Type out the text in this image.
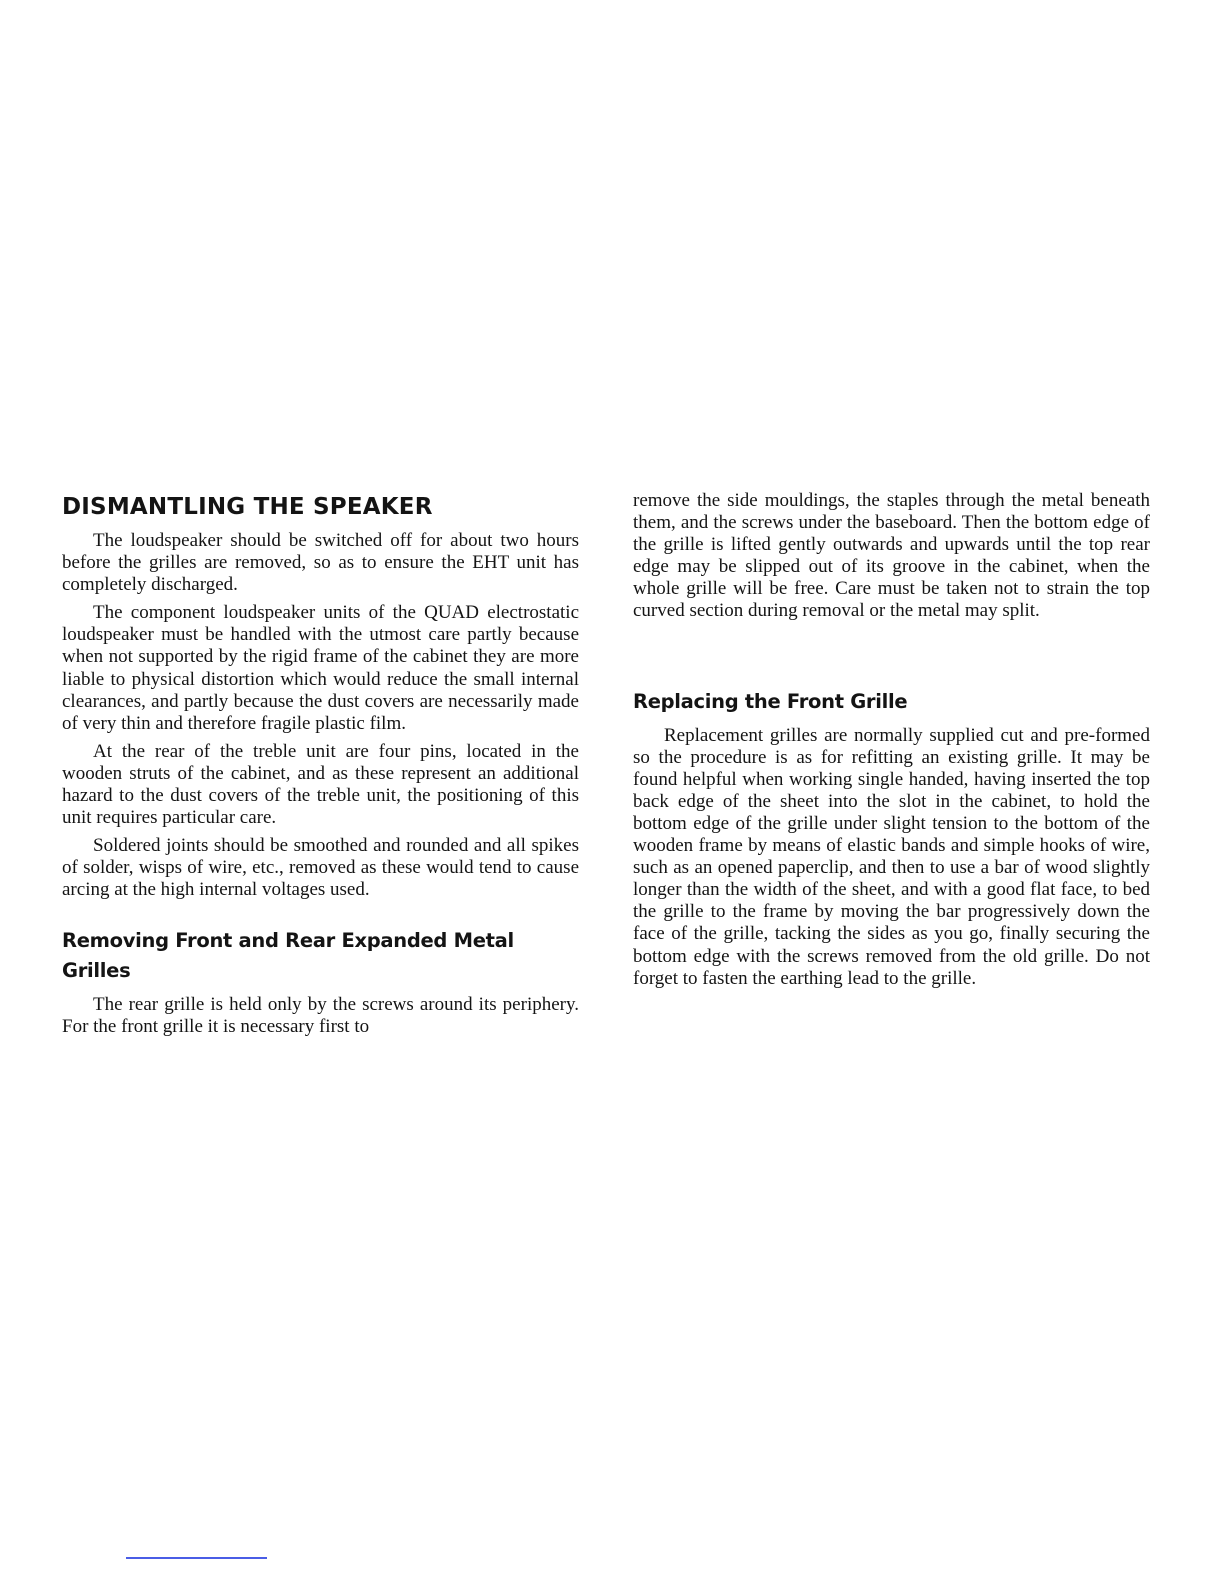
DISMANTLING THE SPEAKER

The loudspeaker should be switched off for about two hours before the grilles are removed, so as to ensure the EHT unit has completely discharged.

The component loudspeaker units of the QUAD electrostatic loudspeaker must be handled with the utmost care partly because when not supported by the rigid frame of the cabinet they are more liable to physical distortion which would reduce the small internal clearances, and partly because the dust covers are necessarily made of very thin and therefore fragile plastic film.

At the rear of the treble unit are four pins, located in the wooden struts of the cabinet, and as these represent an additional hazard to the dust covers of the treble unit, the positioning of this unit requires particular care.

Soldered joints should be smoothed and rounded and all spikes of solder, wisps of wire, etc., removed as these would tend to cause arcing at the high internal voltages used.

Removing Front and Rear Expanded Metal Grilles

The rear grille is held only by the screws around its periphery. For the front grille it is necessary first to

remove the side mouldings, the staples through the metal beneath them, and the screws under the baseboard. Then the bottom edge of the grille is lifted gently outwards and upwards until the top rear edge may be slipped out of its groove in the cabinet, when the whole grille will be free. Care must be taken not to strain the top curved section during removal or the metal may split.

Replacing the Front Grille

Replacement grilles are normally supplied cut and pre-formed so the procedure is as for refitting an existing grille. It may be found helpful when working single handed, having inserted the top back edge of the sheet into the slot in the cabinet, to hold the bottom edge of the grille under slight tension to the bottom of the wooden frame by means of elastic bands and simple hooks of wire, such as an opened paperclip, and then to use a bar of wood slightly longer than the width of the sheet, and with a good flat face, to bed the grille to the frame by moving the bar progressively down the face of the grille, tacking the sides as you go, finally securing the bottom edge with the screws removed from the old grille. Do not forget to fasten the earthing lead to the grille.
